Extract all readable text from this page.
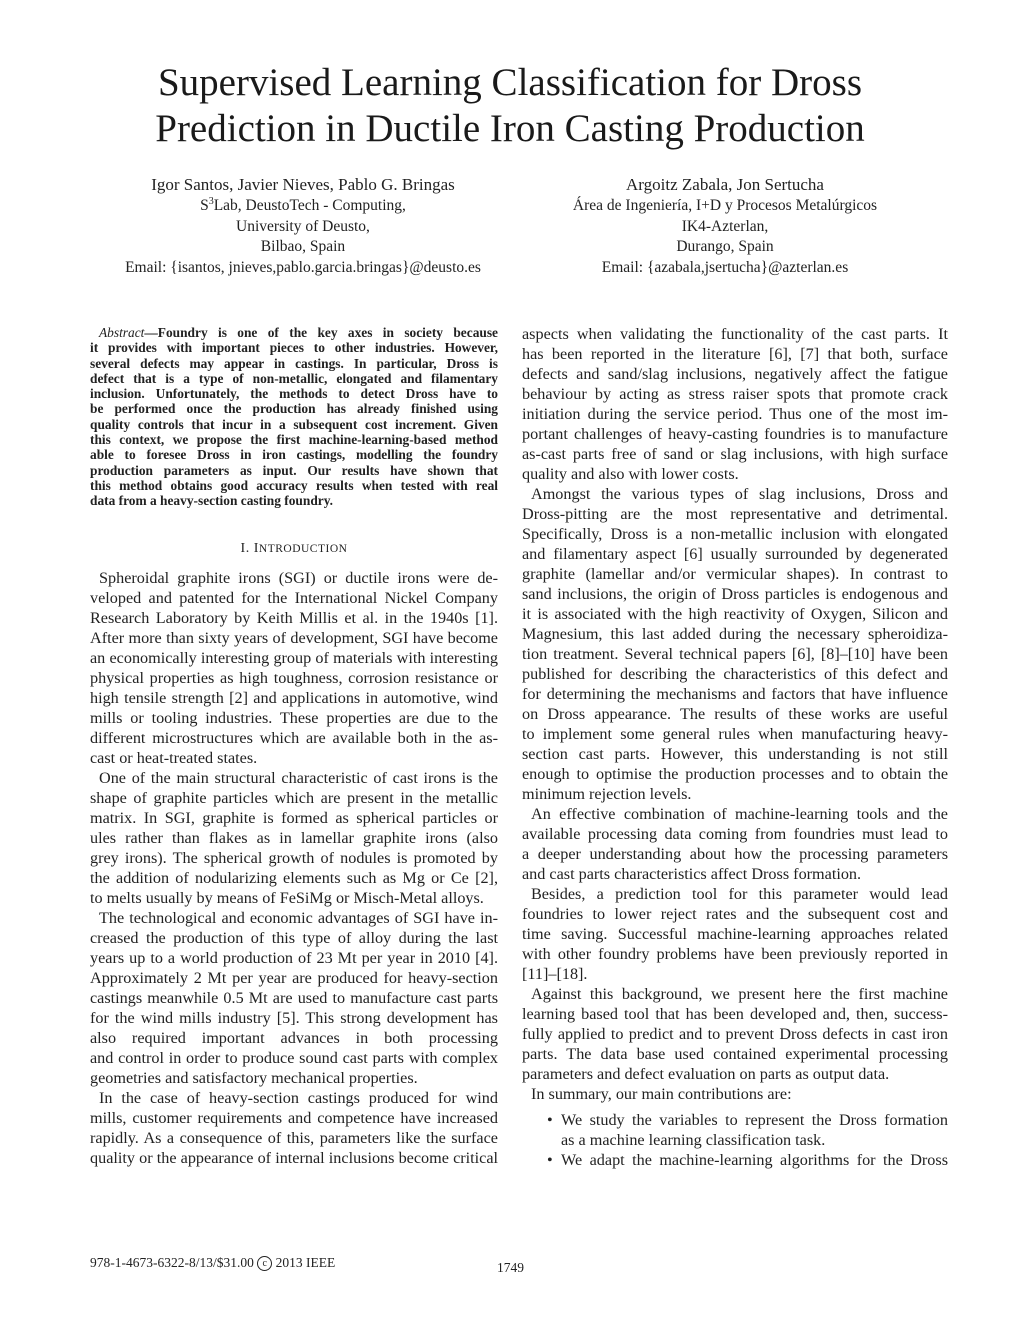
Supervised Learning Classification for Dross
Prediction in Ductile Iron Casting Production
Igor Santos, Javier Nieves, Pablo G. Bringas
$S^3Lab$, DeustoTech - Computing,
University of Deusto,
Bilbao, Spain
Email: {isantos, jnieves,pablo.garcia.bringas}@deusto.es
Argoitz Zabala, Jon Sertucha
Área de Ingeniería, I+D y Procesos Metalúrgicos
IK4-Azterlan,
Durango, Spain
Email: {azabala,jsertucha}@azterlan.es
Abstract—Foundry is one of the key axes in society because
it provides with important pieces to other industries. However,
several defects may appear in castings. In particular, Dross is
defect that is a type of non-metallic, elongated and filamentary
inclusion. Unfortunately, the methods to detect Dross have to
be performed once the production has already finished using
quality controls that incur in a subsequent cost increment. Given
this context, we propose the first machine-learning-based method
able to foresee Dross in iron castings, modelling the foundry
production parameters as input. Our results have shown that
this method obtains good accuracy results when tested with real
data from a heavy-section casting foundry.
I. INTRODUCTION
Spheroidal graphite irons (SGI) or ductile irons were de-
veloped and patented for the International Nickel Company
Research Laboratory by Keith Millis et al. in the 1940s [1].
After more than sixty years of development, SGI have become
an economically interesting group of materials with interesting
physical properties as high toughness, corrosion resistance or
high tensile strength [2] and applications in automotive, wind
mills or tooling industries. These properties are due to the
different microstructures which are available both in the as-
cast or heat-treated states.
One of the main structural characteristic of cast irons is the
shape of graphite particles which are present in the metallic
matrix. In SGI, graphite is formed as spherical particles or
ules rather than flakes as in lamellar graphite irons (also
grey irons). The spherical growth of nodules is promoted by
the addition of nodularizing elements such as Mg or Ce [2],
to melts usually by means of FeSiMg or Misch-Metal alloys.
The technological and economic advantages of SGI have in-
creased the production of this type of alloy during the last
years up to a world production of 23 Mt per year in 2010 [4].
Approximately 2 Mt per year are produced for heavy-section
castings meanwhile 0.5 Mt are used to manufacture cast parts
for the wind mills industry [5]. This strong development has
also required important advances in both processing
and control in order to produce sound cast parts with complex
geometries and satisfactory mechanical properties.
In the case of heavy-section castings produced for wind
mills, customer requirements and competence have increased
rapidly. As a consequence of this, parameters like the surface
quality or the appearance of internal inclusions become critical
aspects when validating the functionality of the cast parts. It
has been reported in the literature [6], [7] that both, surface
defects and sand/slag inclusions, negatively affect the fatigue
behaviour by acting as stress raiser spots that promote crack
initiation during the service period. Thus one of the most im-
portant challenges of heavy-casting foundries is to manufacture
as-cast parts free of sand or slag inclusions, with high surface
quality and also with lower costs.
Amongst the various types of slag inclusions, Dross and
Dross-pitting are the most representative and detrimental.
Specifically, Dross is a non-metallic inclusion with elongated
and filamentary aspect [6] usually surrounded by degenerated
graphite (lamellar and/or vermicular shapes). In contrast to
sand inclusions, the origin of Dross particles is endogenous and
it is associated with the high reactivity of Oxygen, Silicon and
Magnesium, this last added during the necessary spheroidiza-
tion treatment. Several technical papers [6], [8]–[10] have been
published for describing the characteristics of this defect and
for determining the mechanisms and factors that have influence
on Dross appearance. The results of these works are useful
to implement some general rules when manufacturing heavy-
section cast parts. However, this understanding is not still
enough to optimise the production processes and to obtain the
minimum rejection levels.
An effective combination of machine-learning tools and the
available processing data coming from foundries must lead to
a deeper understanding about how the processing parameters
and cast parts characteristics affect Dross formation.
Besides, a prediction tool for this parameter would lead
foundries to lower reject rates and the subsequent cost and
time saving. Successful machine-learning approaches related
with other foundry problems have been previously reported in
[11]–[18].
Against this background, we present here the first machine
learning based tool that has been developed and, then, success-
fully applied to predict and to prevent Dross defects in cast iron
parts. The data base used contained experimental processing
parameters and defect evaluation on parts as output data.
In summary, our main contributions are:
• We study the variables to represent the Dross formation
as a machine learning classification task.
• We adapt the machine-learning algorithms for the Dross
978-1-4673-6322-8/13/$31.00 c 2013 IEEE	1749
